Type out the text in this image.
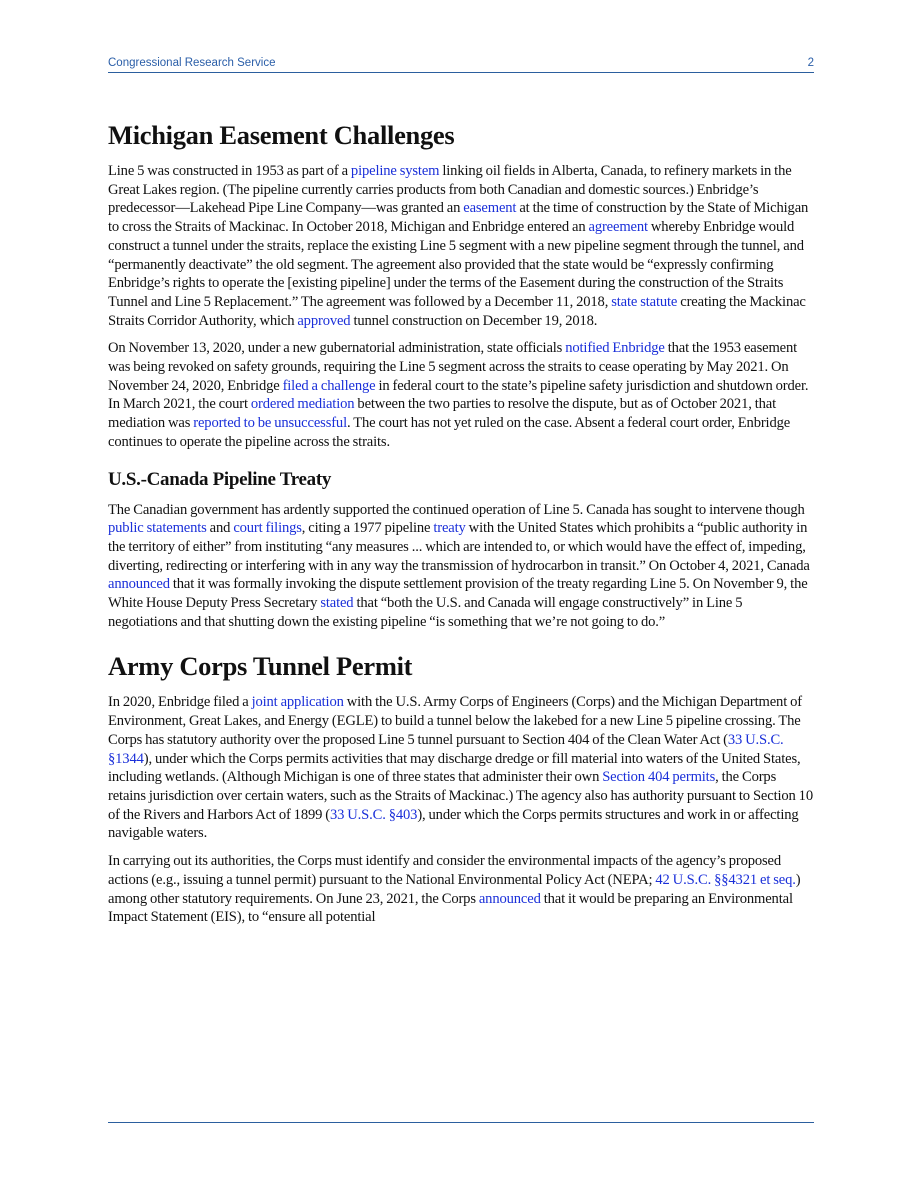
Congressional Research Service	2
Michigan Easement Challenges

Line 5 was constructed in 1953 as part of a pipeline system linking oil fields in Alberta, Canada, to refinery markets in the Great Lakes region. (The pipeline currently carries products from both Canadian and domestic sources.) Enbridge’s predecessor—Lakehead Pipe Line Company—was granted an easement at the time of construction by the State of Michigan to cross the Straits of Mackinac. In October 2018, Michigan and Enbridge entered an agreement whereby Enbridge would construct a tunnel under the straits, replace the existing Line 5 segment with a new pipeline segment through the tunnel, and “permanently deactivate” the old segment. The agreement also provided that the state would be “expressly confirming Enbridge’s rights to operate the [existing pipeline] under the terms of the Easement during the construction of the Straits Tunnel and Line 5 Replacement.” The agreement was followed by a December 11, 2018, state statute creating the Mackinac Straits Corridor Authority, which approved tunnel construction on December 19, 2018.

On November 13, 2020, under a new gubernatorial administration, state officials notified Enbridge that the 1953 easement was being revoked on safety grounds, requiring the Line 5 segment across the straits to cease operating by May 2021. On November 24, 2020, Enbridge filed a challenge in federal court to the state’s pipeline safety jurisdiction and shutdown order. In March 2021, the court ordered mediation between the two parties to resolve the dispute, but as of October 2021, that mediation was reported to be unsuccessful. The court has not yet ruled on the case. Absent a federal court order, Enbridge continues to operate the pipeline across the straits.

U.S.-Canada Pipeline Treaty

The Canadian government has ardently supported the continued operation of Line 5. Canada has sought to intervene though public statements and court filings, citing a 1977 pipeline treaty with the United States which prohibits a “public authority in the territory of either” from instituting “any measures ... which are intended to, or which would have the effect of, impeding, diverting, redirecting or interfering with in any way the transmission of hydrocarbon in transit.” On October 4, 2021, Canada announced that it was formally invoking the dispute settlement provision of the treaty regarding Line 5. On November 9, the White House Deputy Press Secretary stated that “both the U.S. and Canada will engage constructively” in Line 5 negotiations and that shutting down the existing pipeline “is something that we’re not going to do.”

Army Corps Tunnel Permit

In 2020, Enbridge filed a joint application with the U.S. Army Corps of Engineers (Corps) and the Michigan Department of Environment, Great Lakes, and Energy (EGLE) to build a tunnel below the lakebed for a new Line 5 pipeline crossing. The Corps has statutory authority over the proposed Line 5 tunnel pursuant to Section 404 of the Clean Water Act (33 U.S.C. §1344), under which the Corps permits activities that may discharge dredge or fill material into waters of the United States, including wetlands. (Although Michigan is one of three states that administer their own Section 404 permits, the Corps retains jurisdiction over certain waters, such as the Straits of Mackinac.) The agency also has authority pursuant to Section 10 of the Rivers and Harbors Act of 1899 (33 U.S.C. §403), under which the Corps permits structures and work in or affecting navigable waters.

In carrying out its authorities, the Corps must identify and consider the environmental impacts of the agency’s proposed actions (e.g., issuing a tunnel permit) pursuant to the National Environmental Policy Act (NEPA; 42 U.S.C. §§4321 et seq.) among other statutory requirements. On June 23, 2021, the Corps announced that it would be preparing an Environmental Impact Statement (EIS), to “ensure all potential
